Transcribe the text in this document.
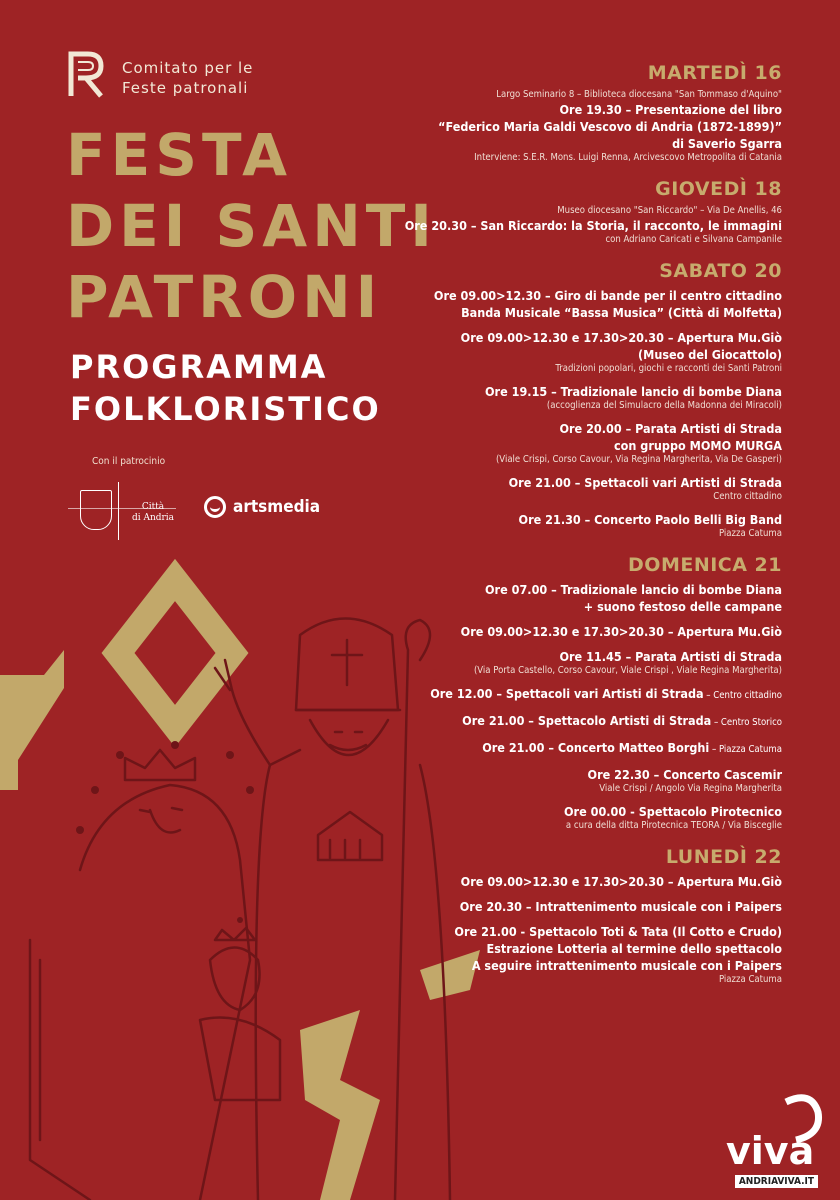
Comitato per le
Feste patronali
FESTA
DEI SANTI
PATRONI
PROGRAMMA
FOLKLORISTICO
Con il patrocinio
Città
di Andria
artsmedia
MARTEDÌ 16
Largo Seminario 8 – Biblioteca diocesana "San Tommaso d'Aquino"
Ore 19.30 – Presentazione del libro
“Federico Maria Galdi Vescovo di Andria (1872-1899)”
di Saverio Sgarra
Interviene: S.E.R. Mons. Luigi Renna, Arcivescovo Metropolita di Catania
GIOVEDÌ 18
Museo diocesano "San Riccardo" – Via De Anellis, 46
Ore 20.30 – San Riccardo: la Storia, il racconto, le immagini
con Adriano Caricati e Silvana Campanile
SABATO 20
Ore 09.00>12.30 – Giro di bande per il centro cittadino
Banda Musicale “Bassa Musica” (Città di Molfetta)
Ore 09.00>12.30 e 17.30>20.30 – Apertura Mu.Giò
(Museo del Giocattolo)
Tradizioni popolari, giochi e racconti dei Santi Patroni
Ore 19.15 – Tradizionale lancio di bombe Diana
(accoglienza del Simulacro della Madonna dei Miracoli)
Ore 20.00 – Parata Artisti di Strada
con gruppo MOMO MURGA
(Viale Crispi, Corso Cavour, Via Regina Margherita, Via De Gasperi)
Ore 21.00 – Spettacoli vari Artisti di Strada
Centro cittadino
Ore 21.30 – Concerto Paolo Belli Big Band
Piazza Catuma
DOMENICA 21
Ore 07.00 – Tradizionale lancio di bombe Diana
+ suono festoso delle campane
Ore 09.00>12.30 e 17.30>20.30 – Apertura Mu.Giò
Ore 11.45 – Parata Artisti di Strada
(Via Porta Castello, Corso Cavour, Viale Crispi , Viale Regina Margherita)
Ore 12.00 – Spettacoli vari Artisti di Strada – Centro cittadino
Ore 21.00 – Spettacolo Artisti di Strada – Centro Storico
Ore 21.00 – Concerto Matteo Borghi – Piazza Catuma
Ore 22.30 – Concerto Cascemir
Viale Crispi / Angolo Via Regina Margherita
Ore 00.00 - Spettacolo Pirotecnico
a cura della ditta Pirotecnica TEORA / Via Bisceglie
LUNEDÌ 22
Ore 09.00>12.30 e 17.30>20.30 – Apertura Mu.Giò
Ore 20.30 – Intrattenimento musicale con i Paipers
Ore 21.00 - Spettacolo Toti & Tata (Il Cotto e Crudo)
Estrazione Lotteria al termine dello spettacolo
A seguire intrattenimento musicale con i Paipers
Piazza Catuma
viva
ANDRIAVIVA.IT
